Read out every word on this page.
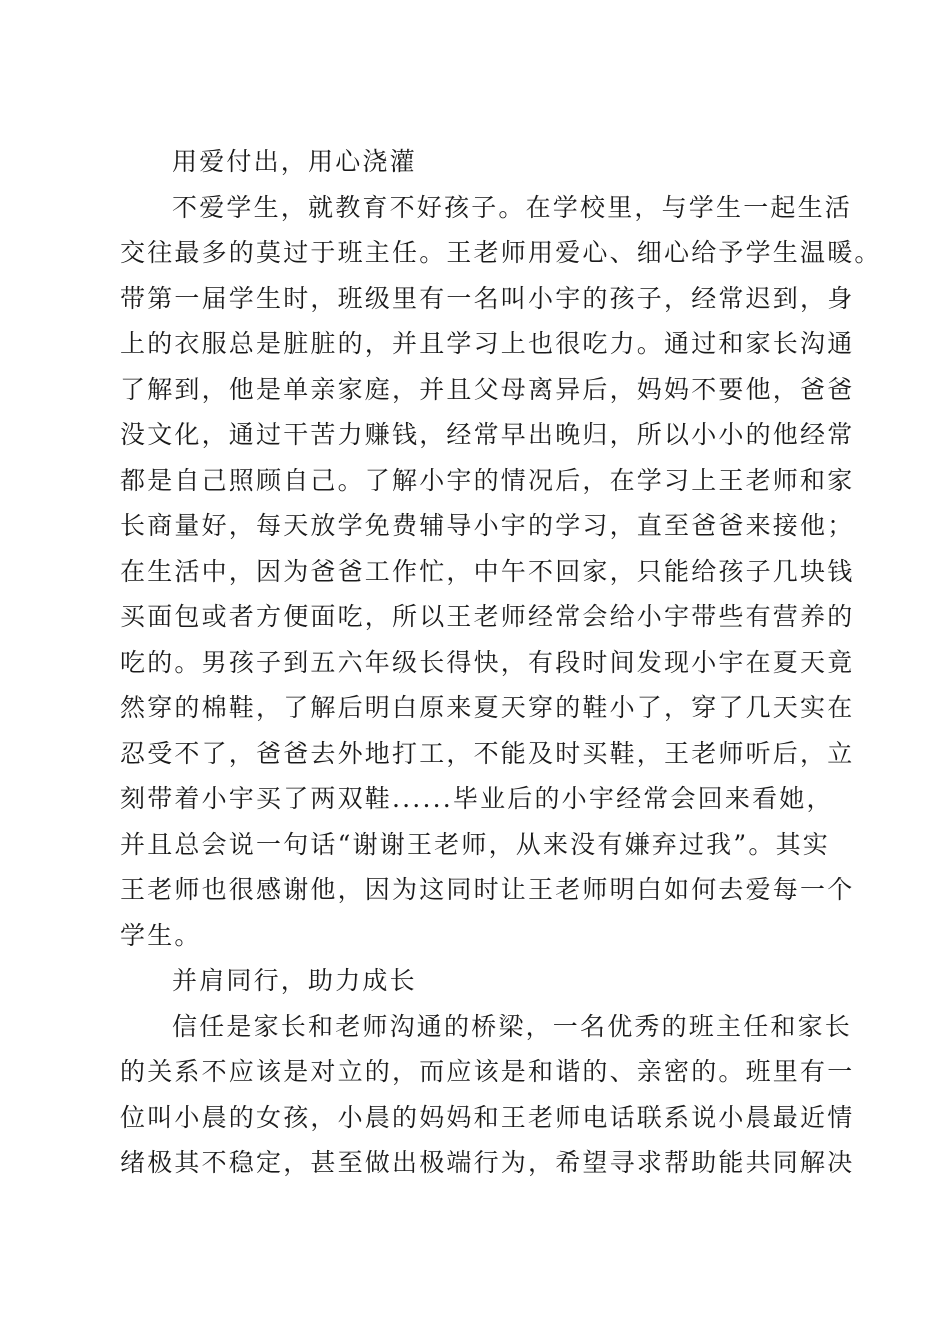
用爱付出，用心浇灌
不爱学生，就教育不好孩子。在学校里，与学生一起生活
交往最多的莫过于班主任。王老师用爱心、细心给予学生温暖。
带第一届学生时，班级里有一名叫小宇的孩子，经常迟到，身
上的衣服总是脏脏的，并且学习上也很吃力。通过和家长沟通
了解到，他是单亲家庭，并且父母离异后，妈妈不要他，爸爸
没文化，通过干苦力赚钱，经常早出晚归，所以小小的他经常
都是自己照顾自己。了解小宇的情况后，在学习上王老师和家
长商量好，每天放学免费辅导小宇的学习，直至爸爸来接他；
在生活中，因为爸爸工作忙，中午不回家，只能给孩子几块钱
买面包或者方便面吃，所以王老师经常会给小宇带些有营养的
吃的。男孩子到五六年级长得快，有段时间发现小宇在夏天竟
然穿的棉鞋，了解后明白原来夏天穿的鞋小了，穿了几天实在
忍受不了，爸爸去外地打工，不能及时买鞋，王老师听后，立
刻带着小宇买了两双鞋......毕业后的小宇经常会回来看她，
并且总会说一句话“谢谢王老师，从来没有嫌弃过我”。其实
王老师也很感谢他，因为这同时让王老师明白如何去爱每一个
学生。
并肩同行，助力成长
信任是家长和老师沟通的桥梁，一名优秀的班主任和家长
的关系不应该是对立的，而应该是和谐的、亲密的。班里有一
位叫小晨的女孩，小晨的妈妈和王老师电话联系说小晨最近情
绪极其不稳定，甚至做出极端行为，希望寻求帮助能共同解决
